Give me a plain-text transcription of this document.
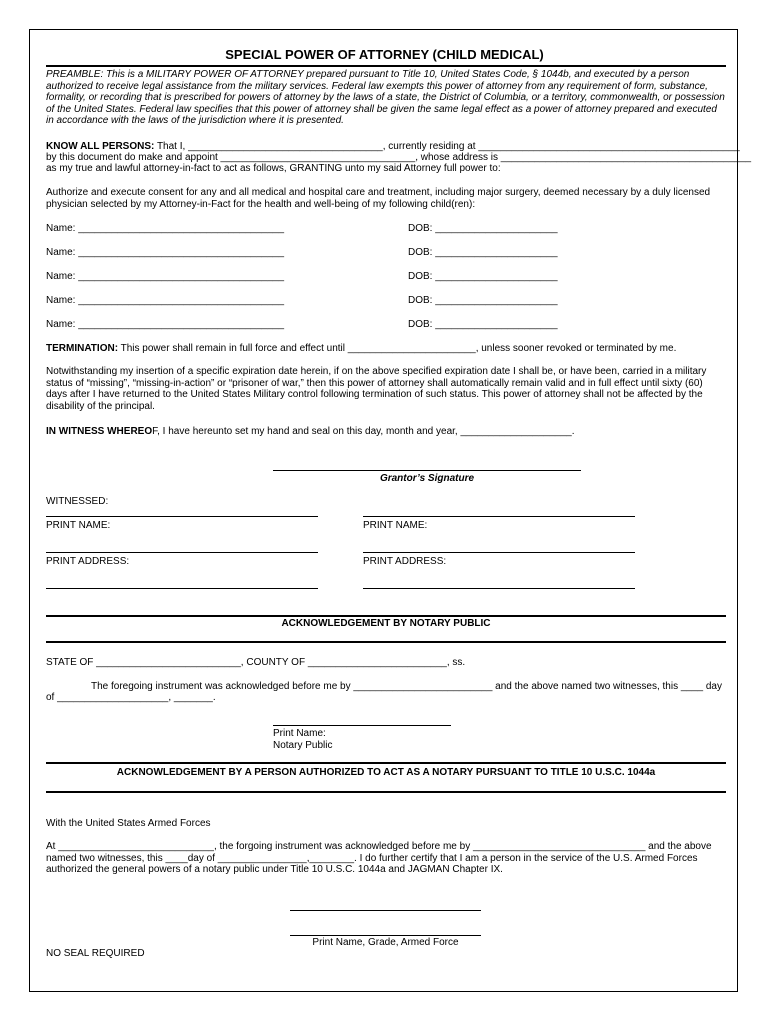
SPECIAL POWER OF ATTORNEY (CHILD MEDICAL)
PREAMBLE: This is a MILITARY POWER OF ATTORNEY prepared pursuant to Title 10, United States Code, § 1044b, and executed by a person authorized to receive legal assistance from the military services. Federal law exempts this power of attorney from any requirement of form, substance, formality, or recording that is prescribed for powers of attorney by the laws of a state, the District of Columbia, or a territory, commonwealth, or possession of the United States. Federal law specifies that this power of attorney shall be given the same legal effect as a power of attorney prepared and executed in accordance with the laws of the jurisdiction where it is presented.
KNOW ALL PERSONS: That I, ___________________________________, currently residing at _______________________________________________
by this document do make and appoint ___________________________________, whose address is _____________________________________________
as my true and lawful attorney-in-fact to act as follows, GRANTING unto my said Attorney full power to:
Authorize and execute consent for any and all medical and hospital care and treatment, including major surgery, deemed necessary by a duly licensed physician selected by my Attorney-in-Fact for the health and well-being of my following child(ren):
Name: _____________________________________	DOB: ______________________
Name: _____________________________________	DOB: ______________________
Name: _____________________________________	DOB: ______________________
Name: _____________________________________	DOB: ______________________
Name: _____________________________________	DOB: ______________________
TERMINATION: This power shall remain in full force and effect until _______________________, unless sooner revoked or terminated by me.
Notwithstanding my insertion of a specific expiration date herein, if on the above specified expiration date I shall be, or have been, carried in a military status of “missing”, “missing-in-action” or “prisoner of war,” then this power of attorney shall automatically remain valid and in full effect until sixty (60) days after I have returned to the United States Military control following termination of such status. This power of attorney shall not be affected by the disability of the principal.
IN WITNESS WHEREOF, I have hereunto set my hand and seal on this day, month and year, ____________________.
Grantor’s Signature
WITNESSED:
PRINT NAME:	PRINT NAME:
PRINT ADDRESS:	PRINT ADDRESS:
ACKNOWLEDGEMENT BY NOTARY PUBLIC
STATE OF __________________________, COUNTY OF _________________________, ss.
The foregoing instrument was acknowledged before me by _________________________ and the above named two witnesses, this ____ day
of ____________________, _______.
Print Name:
Notary Public
ACKNOWLEDGEMENT BY A PERSON AUTHORIZED TO ACT AS A NOTARY PURSUANT TO TITLE 10 U.S.C. 1044a
With the United States Armed Forces
At ____________________________, the forgoing instrument was acknowledged before me by _______________________________ and the above named two witnesses, this ____day of ________________,________. I do further certify that I am a person in the service of the U.S. Armed Forces authorized the general powers of a notary public under Title 10 U.S.C. 1044a and JAGMAN Chapter IX.
Print Name, Grade, Armed Force
NO SEAL REQUIRED
